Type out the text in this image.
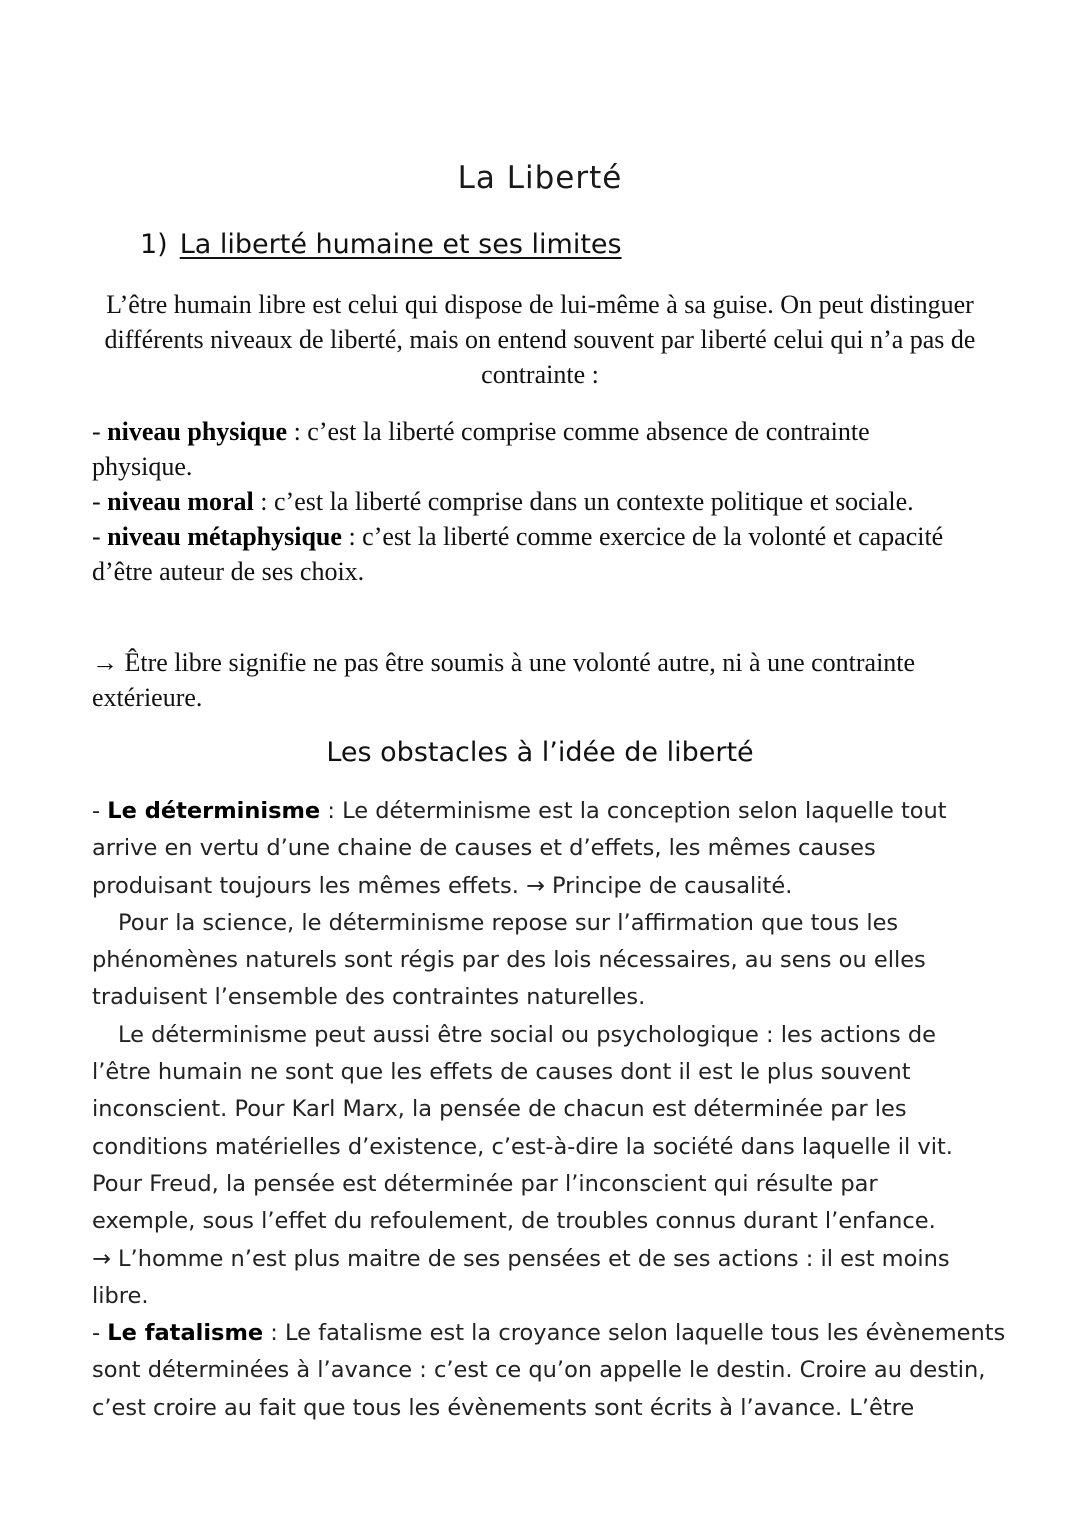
La Liberté
1) La liberté humaine et ses limites
L’être humain libre est celui qui dispose de lui-même à sa guise. On peut distinguer différents niveaux de liberté, mais on entend souvent par liberté celui qui n’a pas de contrainte :

- niveau physique : c’est la liberté comprise comme absence de contrainte physique.

- niveau moral : c’est la liberté comprise dans un contexte politique et sociale.

- niveau métaphysique : c’est la liberté comme exercice de la volonté et capacité d’être auteur de ses choix.

→ Être libre signifie ne pas être soumis à une volonté autre, ni à une contrainte extérieure.

Les obstacles à l’idée de liberté

- Le déterminisme : Le déterminisme est la conception selon laquelle tout

arrive en vertu d’une chaine de causes et d’effets, les mêmes causes

produisant toujours les mêmes effets. → Principe de causalité.

Pour la science, le déterminisme repose sur l’affirmation que tous les

phénomènes naturels sont régis par des lois nécessaires, au sens ou elles

traduisent l’ensemble des contraintes naturelles.

Le déterminisme peut aussi être social ou psychologique : les actions de

l’être humain ne sont que les effets de causes dont il est le plus souvent

inconscient. Pour Karl Marx, la pensée de chacun est déterminée par les

conditions matérielles d’existence, c’est-à-dire la société dans laquelle il vit.

Pour Freud, la pensée est déterminée par l’inconscient qui résulte par

exemple, sous l’effet du refoulement, de troubles connus durant l’enfance.

→ L’homme n’est plus maitre de ses pensées et de ses actions : il est moins

libre.

- Le fatalisme : Le fatalisme est la croyance selon laquelle tous les évènements

sont déterminées à l’avance : c’est ce qu’on appelle le destin. Croire au destin,

c’est croire au fait que tous les évènements sont écrits à l’avance. L’être
